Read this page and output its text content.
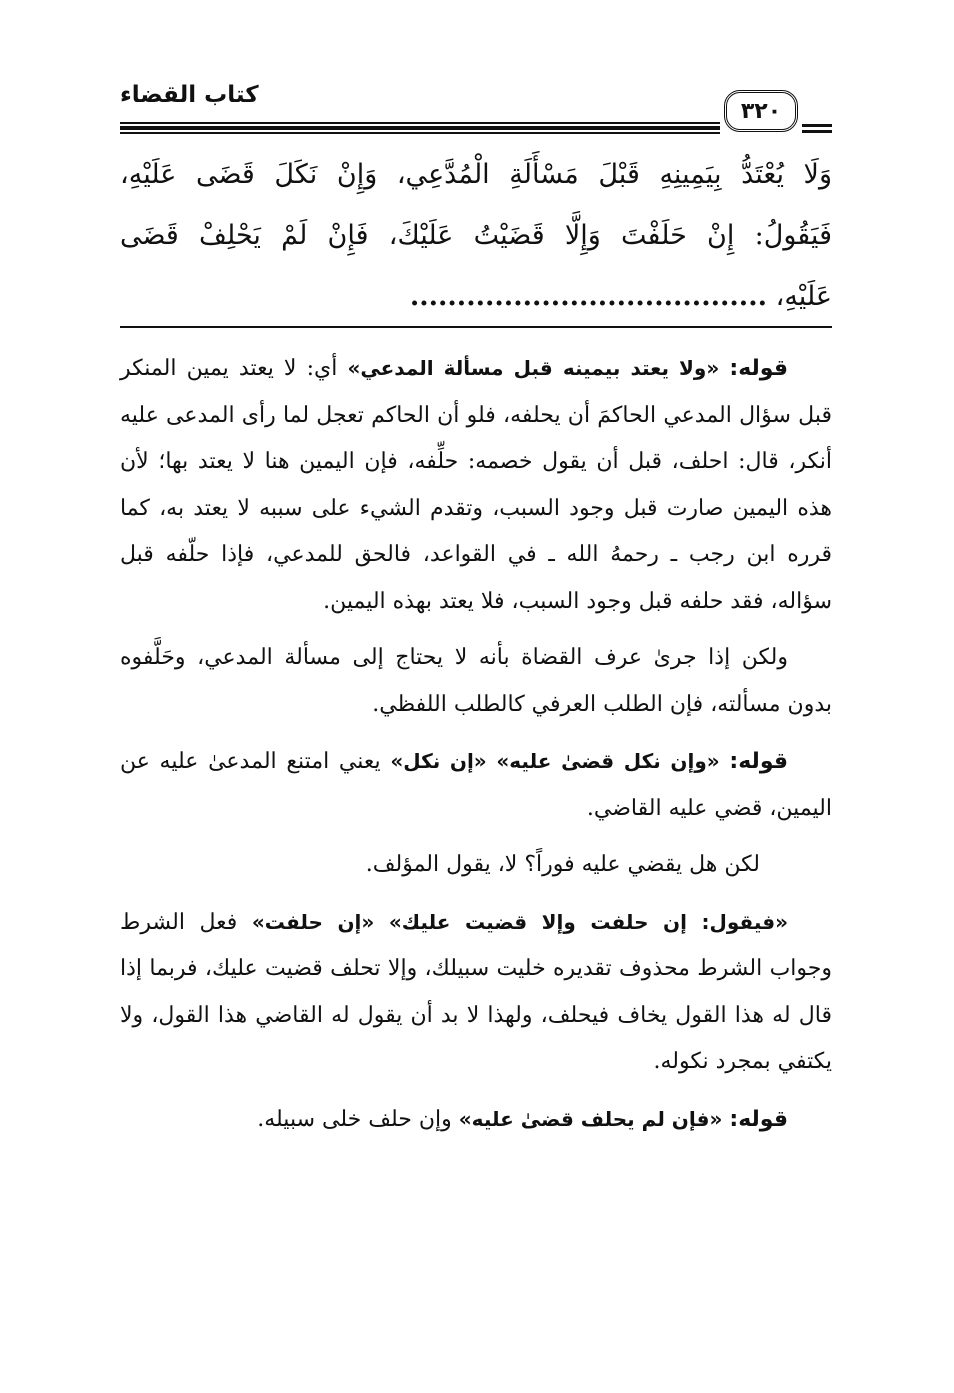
كتاب القضاء
٣٢٠
وَلَا يُعْتَدُّ بِيَمِينِهِ قَبْلَ مَسْأَلَةِ الْمُدَّعِي، وَإِنْ نَكَلَ قَضَى عَلَيْهِ،
فَيَقُولُ: إِنْ حَلَفْتَ وَإِلَّا قَضَيْتُ عَلَيْكَ، فَإِنْ لَمْ يَحْلِفْ قَضَى
عَلَيْهِ، ......................................

قوله: «ولا يعتد بيمينه قبل مسألة المدعي» أي: لا يعتد يمين المنكر قبل سؤال المدعي الحاكمَ أن يحلفه، فلو أن الحاكم تعجل لما رأى المدعى عليه أنكر، قال: احلف، قبل أن يقول خصمه: حلِّفه، فإن اليمين هنا لا يعتد بها؛ لأن هذه اليمين صارت قبل وجود السبب، وتقدم الشيء على سببه لا يعتد به، كما قرره ابن رجب ـ رحمهُ الله ـ في القواعد، فالحق للمدعي، فإذا حلّفه قبل سؤاله، فقد حلفه قبل وجود السبب، فلا يعتد بهذه اليمين.

ولكن إذا جرىٰ عرف القضاة بأنه لا يحتاج إلى مسألة المدعي، وحَلَّفوه بدون مسألته، فإن الطلب العرفي كالطلب اللفظي.

قوله: «وإن نكل قضىٰ عليه» «إن نكل» يعني امتنع المدعىٰ عليه عن اليمين، قضي عليه القاضي.

لكن هل يقضي عليه فوراً؟ لا، يقول المؤلف.

«فيقول: إن حلفت وإلا قضيت عليك» «إن حلفت» فعل الشرط وجواب الشرط محذوف تقديره خليت سبيلك، وإلا تحلف قضيت عليك، فربما إذا قال له هذا القول يخاف فيحلف، ولهذا لا بد أن يقول له القاضي هذا القول، ولا يكتفي بمجرد نكوله.

قوله: «فإن لم يحلف قضىٰ عليه» وإن حلف خلى سبيله.
